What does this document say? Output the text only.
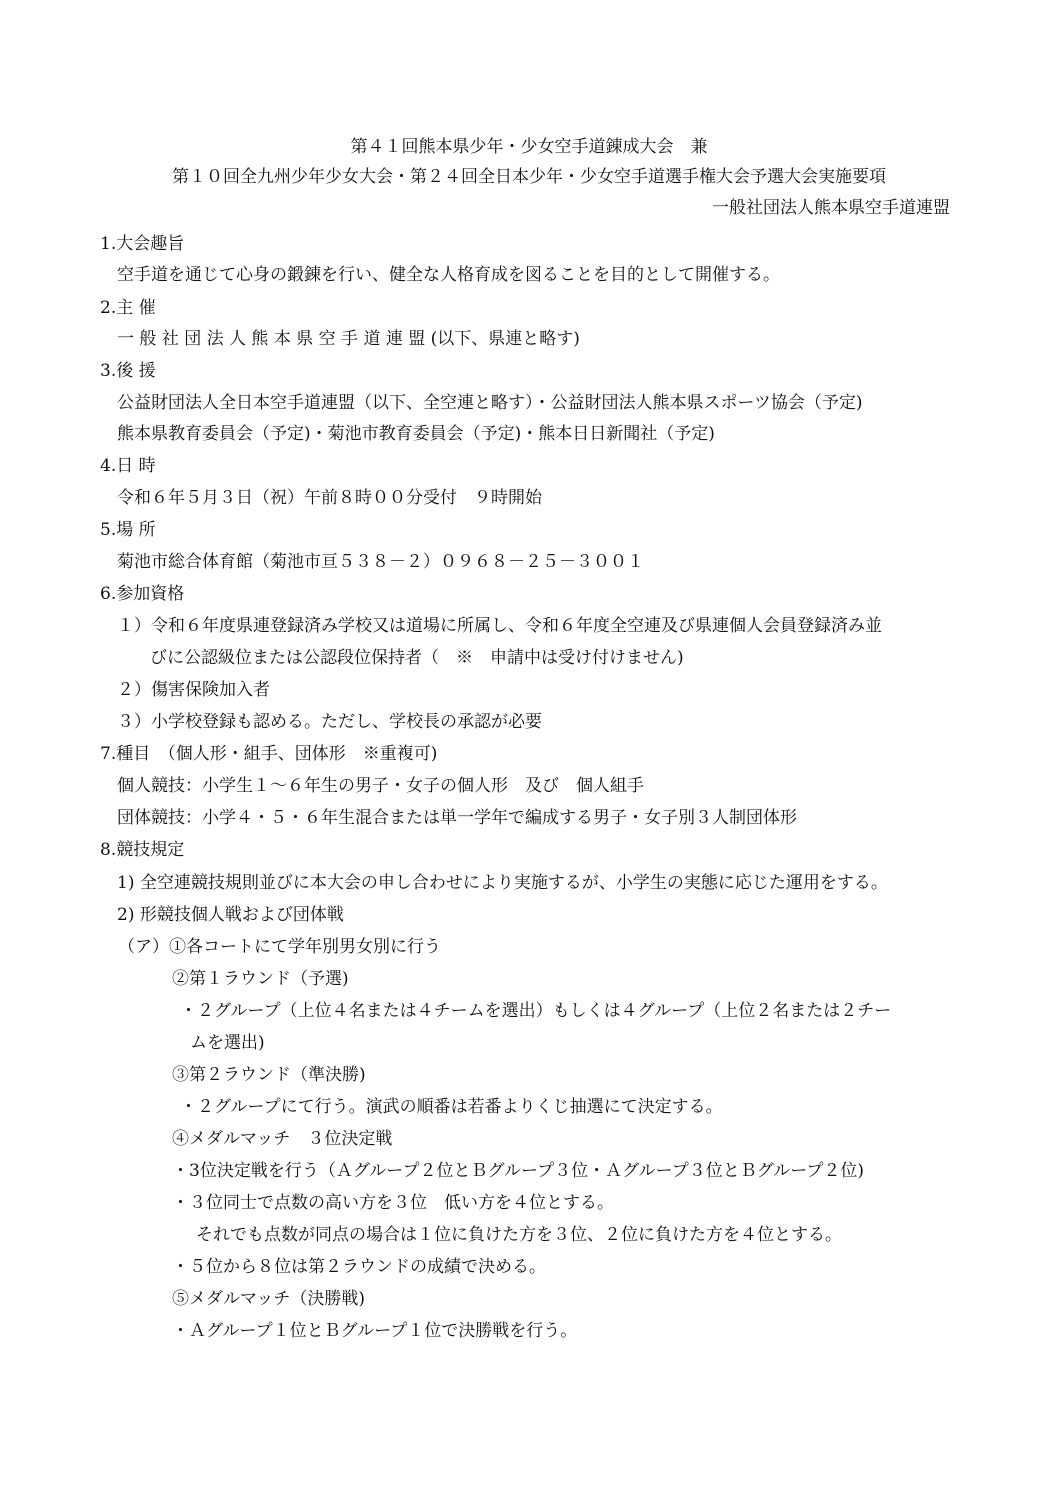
第４１回熊本県少年・少女空手道錬成大会　兼
第１０回全九州少年少女大会・第２４回全日本少年・少女空手道選手権大会予選大会実施要項
一般社団法人熊本県空手道連盟
1.大会趣旨
空手道を通じて心身の鍛錬を行い、健全な人格育成を図ることを目的として開催する。
2.主 催
一 般 社 団 法 人 熊 本 県 空 手 道 連 盟 (以下、県連と略す)
3.後 援
公益財団法人全日本空手道連盟（以下、全空連と略す）・公益財団法人熊本県スポーツ協会（予定)
熊本県教育委員会（予定)・菊池市教育委員会（予定)・熊本日日新聞社（予定)
4.日 時
令和６年５月３日（祝）午前８時００分受付　９時開始
5.場 所
菊池市総合体育館（菊池市亘５３８－２）０９６８－２５－３００１
6.参加資格
１）令和６年度県連登録済み学校又は道場に所属し、令和６年度全空連及び県連個人会員登録済み並
びに公認級位または公認段位保持者（　※　申請中は受け付けません)
２）傷害保険加入者
３）小学校登録も認める。ただし、学校長の承認が必要
7.種目　（個人形・組手、団体形　※重複可)
個人競技：小学生１～６年生の男子・女子の個人形　及び　個人組手
団体競技：小学４・５・６年生混合または単一学年で編成する男子・女子別３人制団体形
8.競技規定
1) 全空連競技規則並びに本大会の申し合わせにより実施するが、小学生の実態に応じた運用をする。
2) 形競技個人戦および団体戦
（ア）①各コートにて学年別男女別に行う
②第１ラウンド（予選)
・２グループ（上位４名または４チームを選出）もしくは４グループ（上位２名または２チー
ムを選出)
③第２ラウンド（準決勝)
・２グループにて行う。演武の順番は若番よりくじ抽選にて決定する。
④メダルマッチ　３位決定戦
・3位決定戦を行う（Ａグループ２位とＢグループ３位・Ａグループ３位とＢグループ２位)
・３位同士で点数の高い方を３位　低い方を４位とする。
それでも点数が同点の場合は１位に負けた方を３位、２位に負けた方を４位とする。
・５位から８位は第２ラウンドの成績で決める。
⑤メダルマッチ（決勝戦)
・Ａグループ１位とＢグループ１位で決勝戦を行う。
